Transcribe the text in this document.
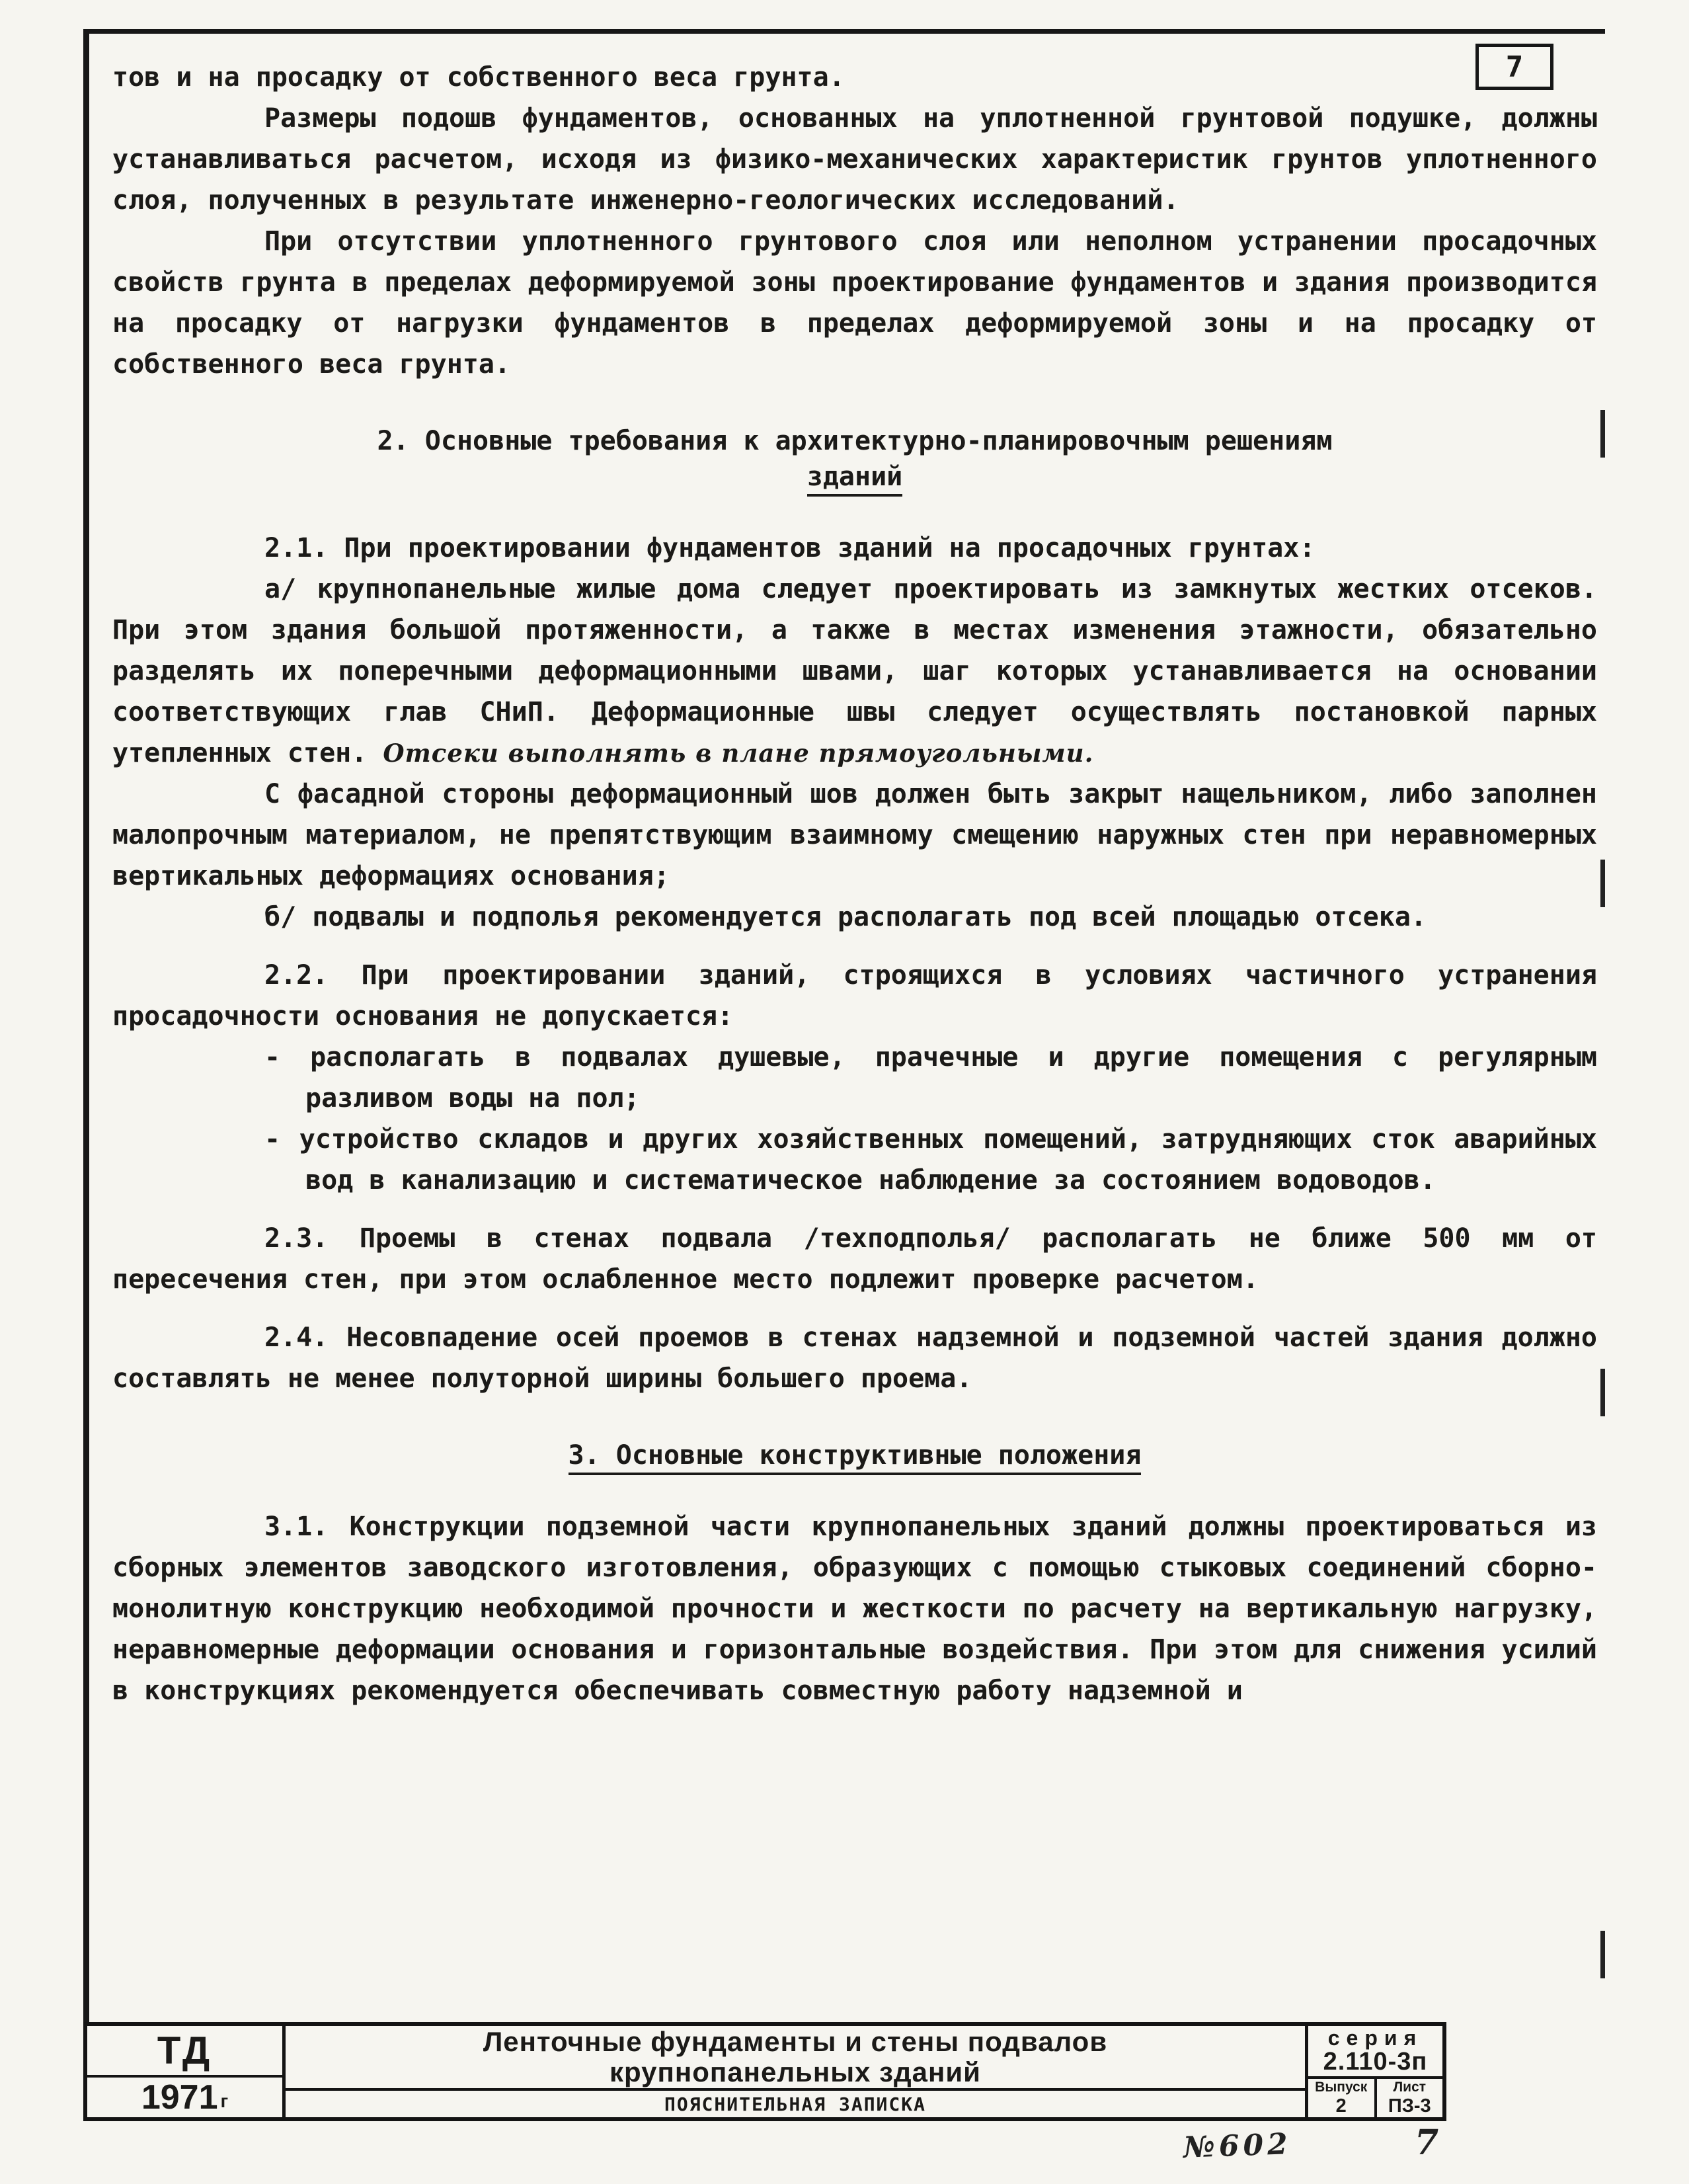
7
тов и на просадку от собственного веса грунта.
Размеры подошв фундаментов, основанных на уплотненной грунтовой подушке, должны устанавливаться расчетом, исходя из физико-механических характеристик грунтов уплотненного слоя, полученных в результате инженерно-геологических исследований.
При отсутствии уплотненного грунтового слоя или неполном устранении просадочных свойств грунта в пределах деформируемой зоны проектирование фундаментов и здания производится на просадку от нагрузки фундаментов в пределах деформируемой зоны и на просадку от собственного веса грунта.
2. Основные требования к архитектурно-планировочным решениям
зданий
2.1. При проектировании фундаментов зданий на просадочных грунтах:
а/ крупнопанельные жилые дома следует проектировать из замкнутых жестких отсеков. При этом здания большой протяженности, а также в местах изменения этажности, обязательно разделять их поперечными деформационными швами, шаг которых устанавливается на основании соответствующих глав СНиП. Деформационные швы следует осуществлять постановкой парных утепленных стен. Отсеки выполнять в плане прямоугольными.
С фасадной стороны деформационный шов должен быть закрыт нащельником, либо заполнен малопрочным материалом, не препятствующим взаимному смещению наружных стен при неравномерных вертикальных деформациях основания;
б/ подвалы и подполья рекомендуется располагать под всей площадью отсека.
2.2. При проектировании зданий, строящихся в условиях частичного устранения просадочности основания не допускается:
- располагать в подвалах душевые, прачечные и другие помещения с регулярным разливом воды на пол;
- устройство складов и других хозяйственных помещений, затрудняющих сток аварийных вод в канализацию и систематическое наблюдение за состоянием водоводов.
2.3. Проемы в стенах подвала /техподполья/ располагать не ближе 500 мм от пересечения стен, при этом ослабленное место подлежит проверке расчетом.
2.4. Несовпадение осей проемов в стенах надземной и подземной частей здания должно составлять не менее полуторной ширины большего проема.
3. Основные конструктивные положения
3.1. Конструкции подземной части крупнопанельных зданий должны проектироваться из сборных элементов заводского изготовления, образующих с помощью стыковых соединений сборно-монолитную конструкцию необходимой прочности и жесткости по расчету на вертикальную нагрузку, неравномерные деформации основания и горизонтальные воздействия. При этом для снижения усилий в конструкциях рекомендуется обеспечивать совместную работу надземной и
ТД
1971 г
Ленточные фундаменты и стены подвалов
крупнопанельных зданий
ПОЯСНИТЕЛЬНАЯ ЗАПИСКА
серия
2.110-3п
Выпуск
2
Лист
ПЗ-3
№602	7
